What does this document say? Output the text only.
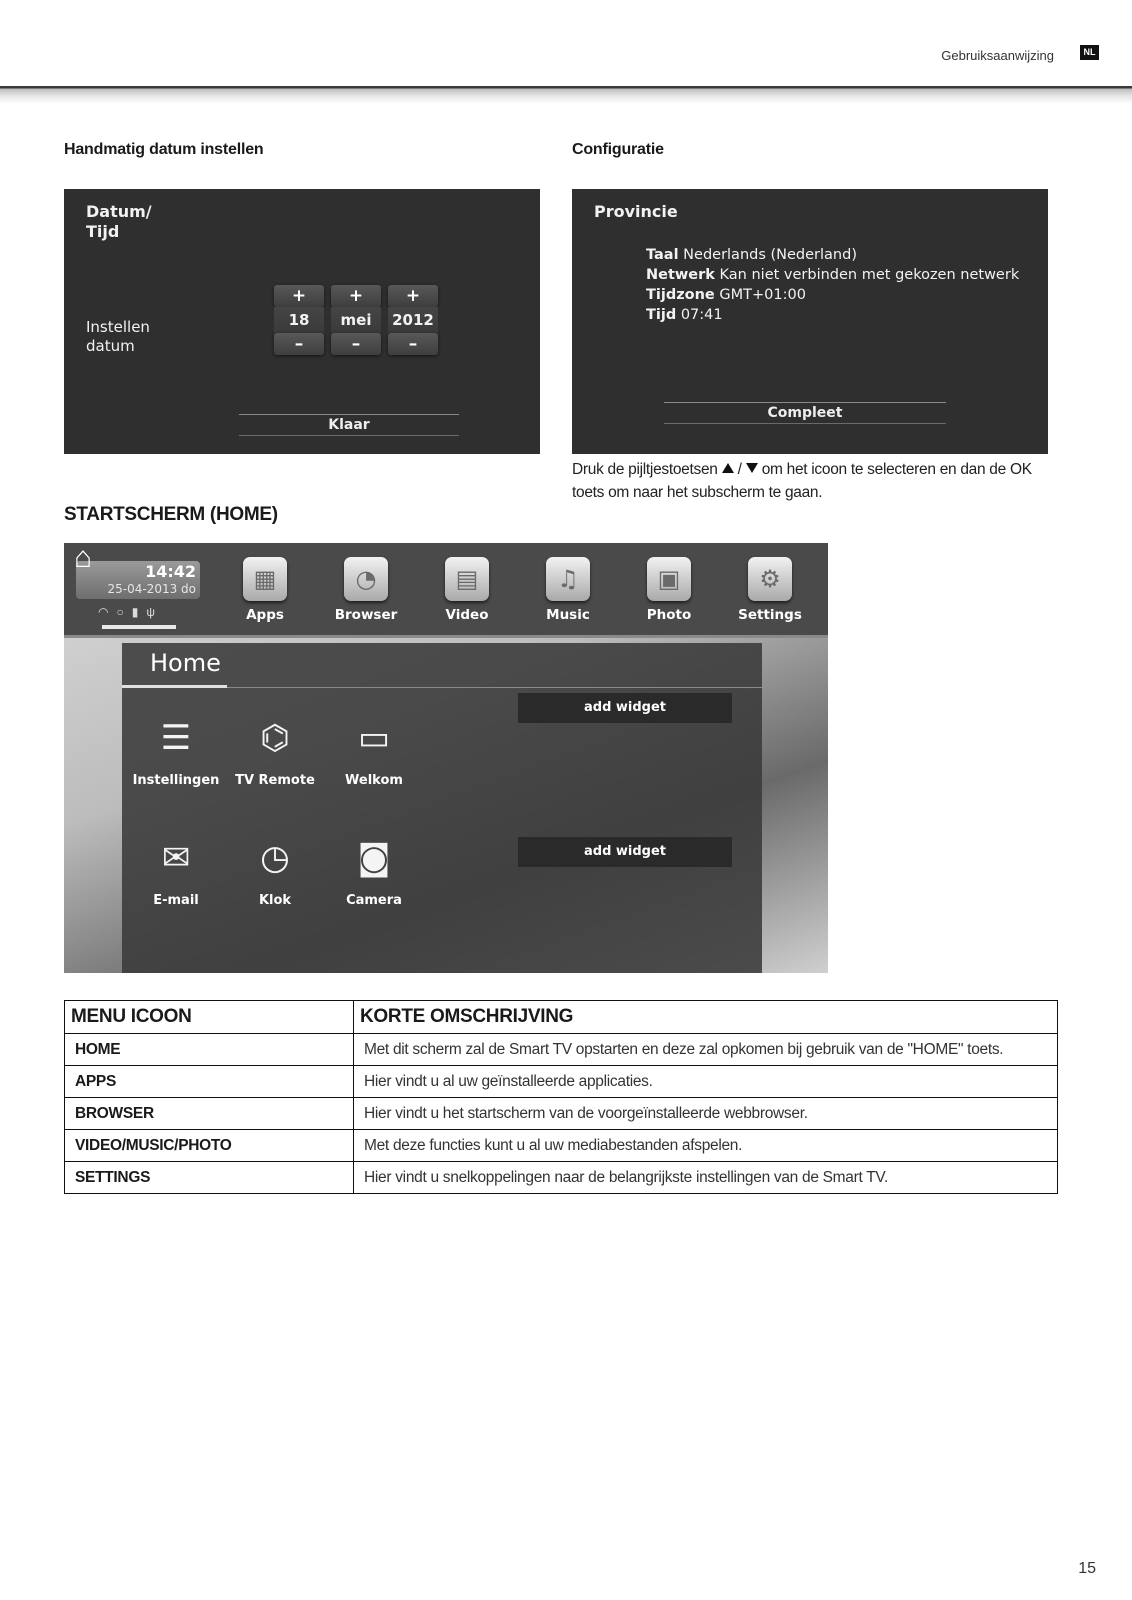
Gebruiksaanwijzing	NL
Handmatig datum instellen	Configuratie
Datum/
Tijd
Instellen
datum
+
18
–
+
mei
–
+
2012
–
Klaar
Provincie
Taal Nederlands (Nederland)
Netwerk Kan niet verbinden met gekozen netwerk
Tijdzone GMT+01:00
Tijd 07:41
Compleet
Druk de pijltjestoetsen / om het icoon te selecteren en dan de OK toets om naar het subscherm te gaan.
STARTSCHERM (HOME)
14:42
25-04-2013 do
⌂
◠○▮ψ
▦
Apps
◔
Browser
▤
Video
♫
Music
▣
Photo
⚙
Settings
Home
☰
Instellingen
⌬
TV Remote
▭
Welkom
✉
E-mail
◷
Klok
◙
Camera
add widget
add widget
MENU ICOON	KORTE OMSCHRIJVING
HOME	Met dit scherm zal de Smart TV opstarten en deze zal opkomen bij gebruik van de "HOME" toets.
APPS	Hier vindt u al uw geïnstalleerde applicaties.
BROWSER	Hier vindt u het startscherm van de voorgeïnstalleerde webbrowser.
VIDEO/MUSIC/PHOTO	Met deze functies kunt u al uw mediabestanden afspelen.
SETTINGS	Hier vindt u snelkoppelingen naar de belangrijkste instellingen van de Smart TV.
15
